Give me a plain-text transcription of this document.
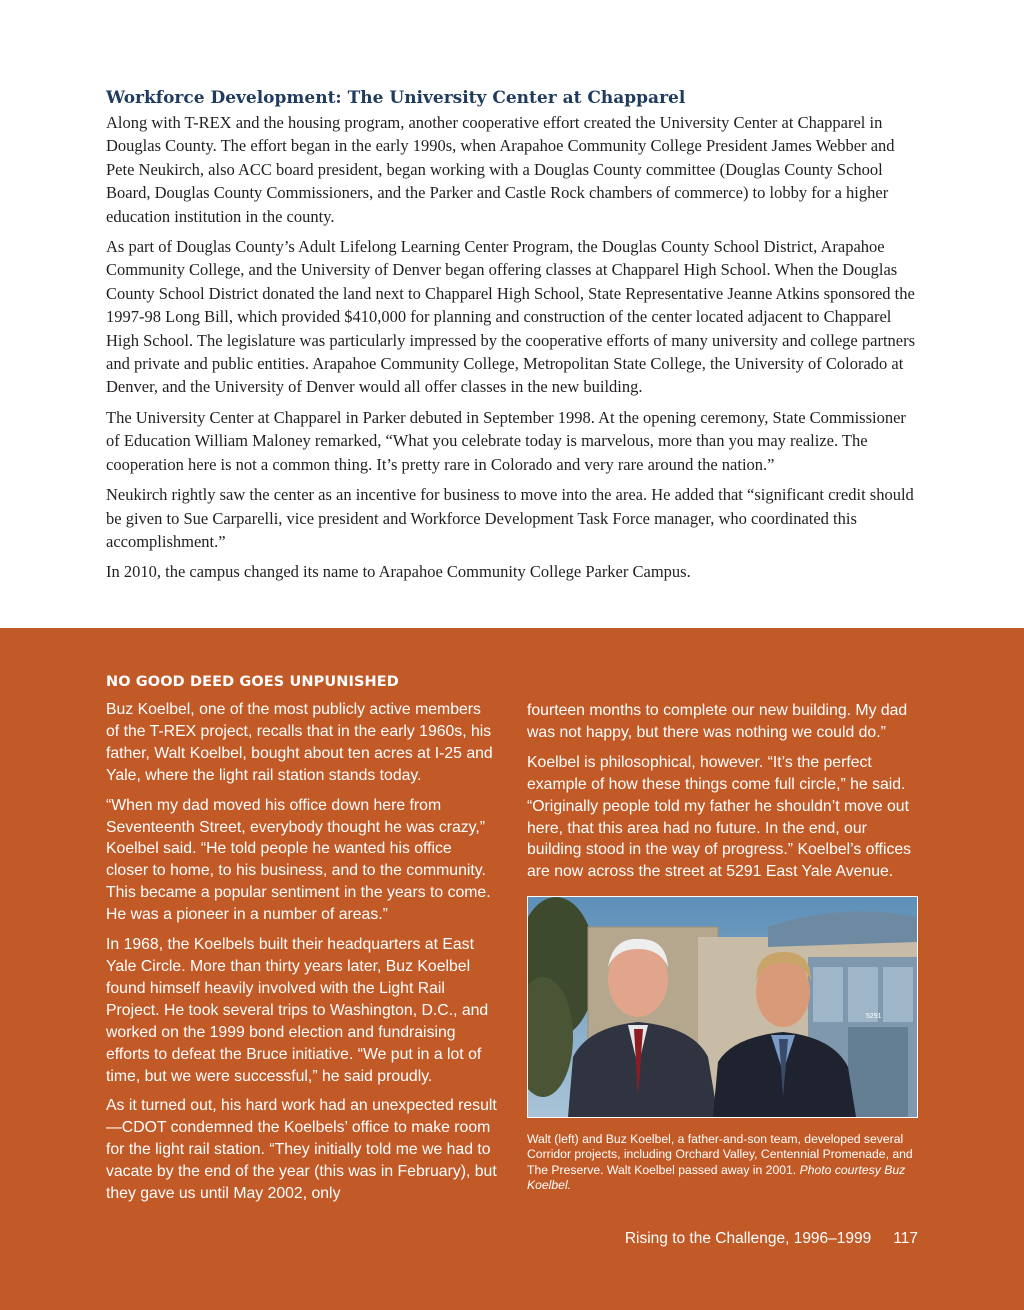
Workforce Development: The University Center at Chapparel

Along with T-REX and the housing program, another cooperative effort created the University Center at Chapparel in Douglas County. The effort began in the early 1990s, when Arapahoe Community College President James Webber and Pete Neukirch, also ACC board president, began working with a Douglas County committee (Douglas County School Board, Douglas County Commissioners, and the Parker and Castle Rock chambers of commerce) to lobby for a higher education institution in the county.

As part of Douglas County’s Adult Lifelong Learning Center Program, the Douglas County School District, Arapahoe Community College, and the University of Denver began offering classes at Chapparel High School. When the Douglas County School District donated the land next to Chapparel High School, State Representative Jeanne Atkins sponsored the 1997-98 Long Bill, which provided $410,000 for planning and construction of the center located adjacent to Chapparel High School. The legislature was particularly impressed by the cooperative efforts of many university and college partners and private and public entities. Arapahoe Community College, Metropolitan State College, the University of Colorado at Denver, and the University of Denver would all offer classes in the new building.

The University Center at Chapparel in Parker debuted in September 1998. At the opening ceremony, State Commissioner of Education William Maloney remarked, “What you celebrate today is marvelous, more than you may realize. The cooperation here is not a common thing. It’s pretty rare in Colorado and very rare around the nation.”

Neukirch rightly saw the center as an incentive for business to move into the area. He added that “significant credit should be given to Sue Carparelli, vice president and Workforce Development Task Force manager, who coordinated this accomplishment.”

In 2010, the campus changed its name to Arapahoe Community College Parker Campus.

NO GOOD DEED GOES UNPUNISHED

Buz Koelbel, one of the most publicly active members of the T-REX project, recalls that in the early 1960s, his father, Walt Koelbel, bought about ten acres at I-25 and Yale, where the light rail station stands today.

“When my dad moved his office down here from Seventeenth Street, everybody thought he was crazy,” Koelbel said. “He told people he wanted his office closer to home, to his business, and to the community. This became a popular sentiment in the years to come. He was a pioneer in a number of areas.”

In 1968, the Koelbels built their headquarters at East Yale Circle. More than thirty years later, Buz Koelbel found himself heavily involved with the Light Rail Project. He took several trips to Washington, D.C., and worked on the 1999 bond election and fundraising efforts to defeat the Bruce initiative. “We put in a lot of time, but we were successful,” he said proudly.

As it turned out, his hard work had an unexpected result—CDOT condemned the Koelbels’ office to make room for the light rail station. “They initially told me we had to vacate by the end of the year (this was in February), but they gave us until May 2002, only

fourteen months to complete our new building. My dad was not happy, but there was nothing we could do.”

Koelbel is philosophical, however. “It’s the perfect example of how these things come full circle,” he said. “Originally people told my father he shouldn’t move out here, that this area had no future. In the end, our building stood in the way of progress.” Koelbel’s offices are now across the street at 5291 East Yale Avenue.

5291
Walt (left) and Buz Koelbel, a father-and-son team, developed several Corridor projects, including Orchard Valley, Centennial Promenade, and The Preserve. Walt Koelbel passed away in 2001. Photo courtesy Buz Koelbel.
Rising to the Challenge, 1996–1999 117
